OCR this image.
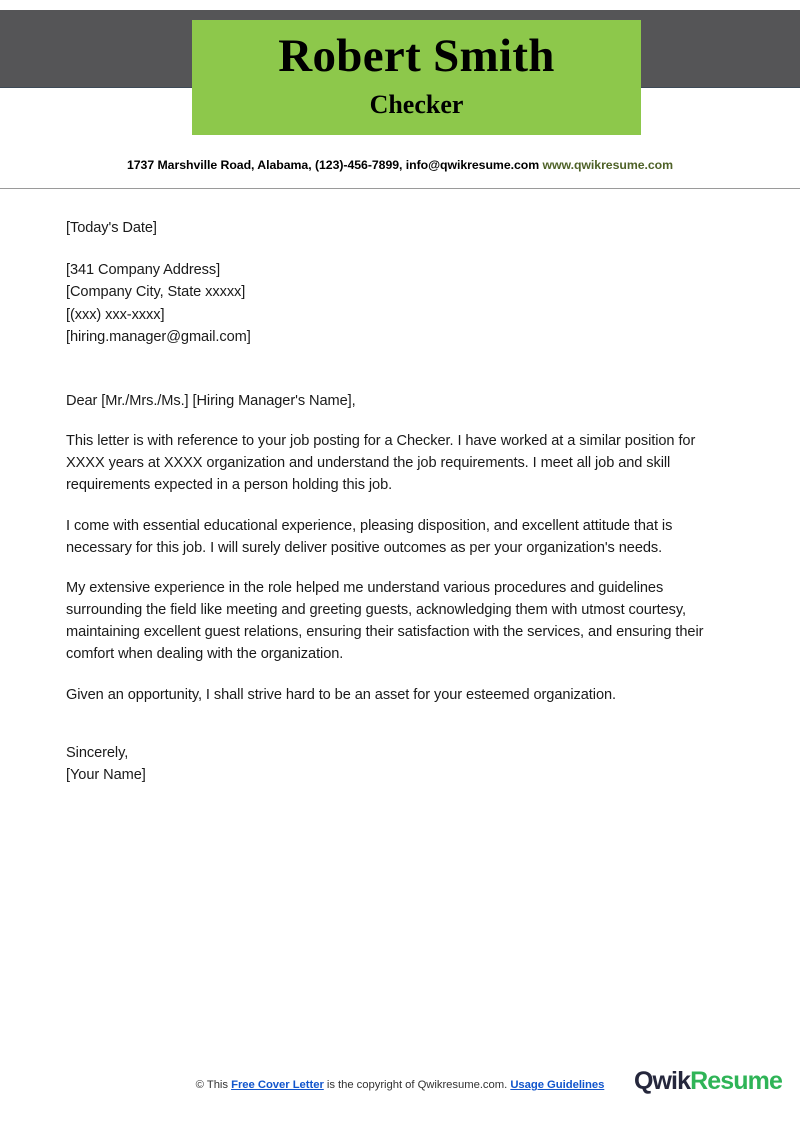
Robert Smith
Checker
1737 Marshville Road, Alabama, (123)-456-7899, info@qwikresume.com www.qwikresume.com
[Today's Date]
[341 Company Address]
[Company City, State xxxxx]
[(xxx) xxx-xxxx]
[hiring.manager@gmail.com]
Dear [Mr./Mrs./Ms.] [Hiring Manager's Name],
This letter is with reference to your job posting for a Checker. I have worked at a similar position for XXXX years at XXXX organization and understand the job requirements. I meet all job and skill requirements expected in a person holding this job.
I come with essential educational experience, pleasing disposition, and excellent attitude that is necessary for this job. I will surely deliver positive outcomes as per your organization's needs.
My extensive experience in the role helped me understand various procedures and guidelines surrounding the field like meeting and greeting guests, acknowledging them with utmost courtesy, maintaining excellent guest relations, ensuring their satisfaction with the services, and ensuring their comfort when dealing with the organization.
Given an opportunity, I shall strive hard to be an asset for your esteemed organization.
Sincerely,
[Your Name]
© This Free Cover Letter is the copyright of Qwikresume.com. Usage Guidelines	QwikResume
